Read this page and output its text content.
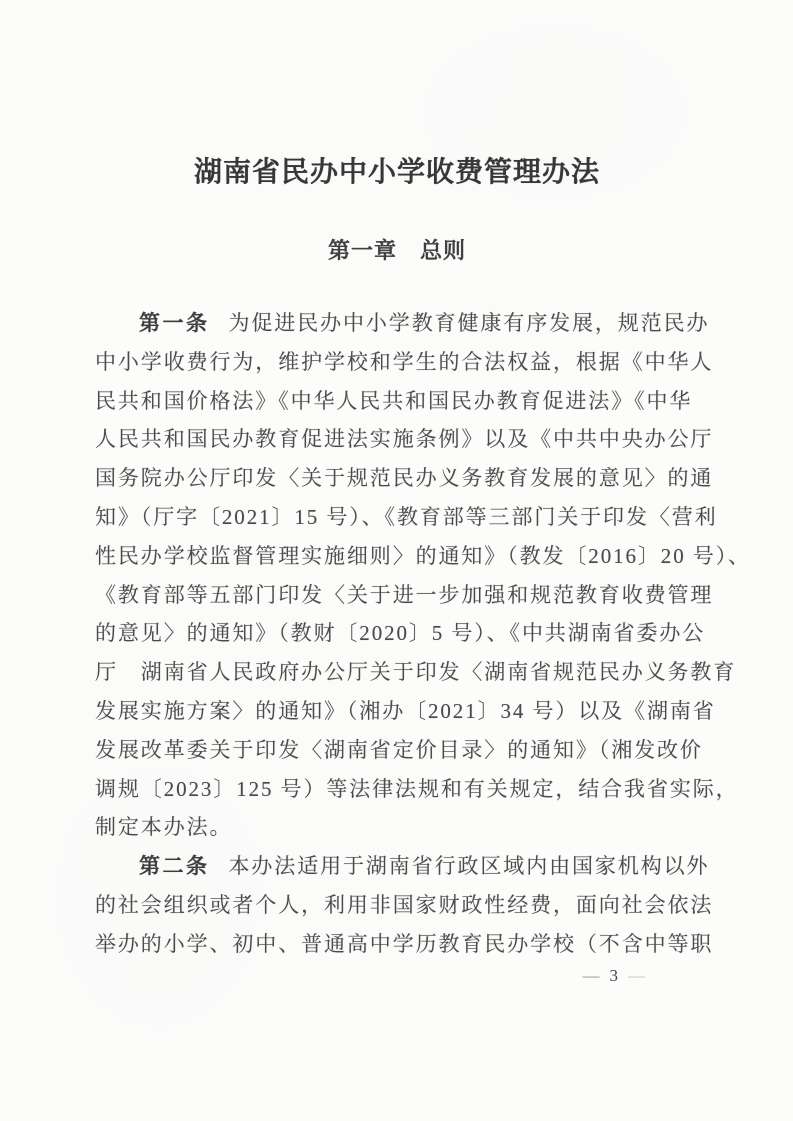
湖南省民办中小学收费管理办法
第一章　总则
第一条 为促进民办中小学教育健康有序发展，规范民办
中小学收费行为，维护学校和学生的合法权益，根据《中华人
民共和国价格法》《中华人民共和国民办教育促进法》《中华
人民共和国民办教育促进法实施条例》以及《中共中央办公厅
国务院办公厅印发〈关于规范民办义务教育发展的意见〉的通
知》（厅字〔2021〕15 号）、《教育部等三部门关于印发〈营利
性民办学校监督管理实施细则〉的通知》（教发〔2016〕20 号）、
《教育部等五部门印发〈关于进一步加强和规范教育收费管理
的意见〉的通知》（教财〔2020〕5 号）、《中共湖南省委办公
厅　湖南省人民政府办公厅关于印发〈湖南省规范民办义务教育
发展实施方案〉的通知》（湘办〔2021〕34 号）以及《湖南省
发展改革委关于印发〈湖南省定价目录〉的通知》（湘发改价
调规〔2023〕125 号）等法律法规和有关规定，结合我省实际，
制定本办法。
第二条 本办法适用于湖南省行政区域内由国家机构以外
的社会组织或者个人，利用非国家财政性经费，面向社会依法
举办的小学、初中、普通高中学历教育民办学校（不含中等职
— 3 —
